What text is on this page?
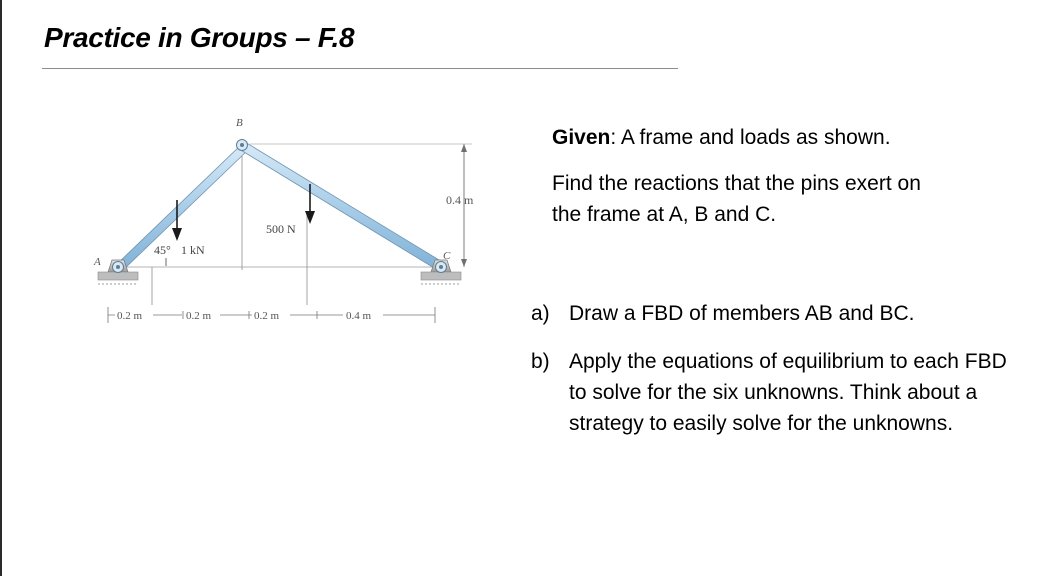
Practice in Groups – F.8
0.4 m
1 kN
45°
500 N
B
A	C
0.2 m	0.2 m	0.2 m	0.4 m
Given: A frame and loads as shown.
Find the reactions that the pins exert on the frame at A, B and C.
a) Draw a FBD of members AB and BC.
b) Apply the equations of equilibrium to each FBD to solve for the six unknowns. Think about a strategy to easily solve for the unknowns.
